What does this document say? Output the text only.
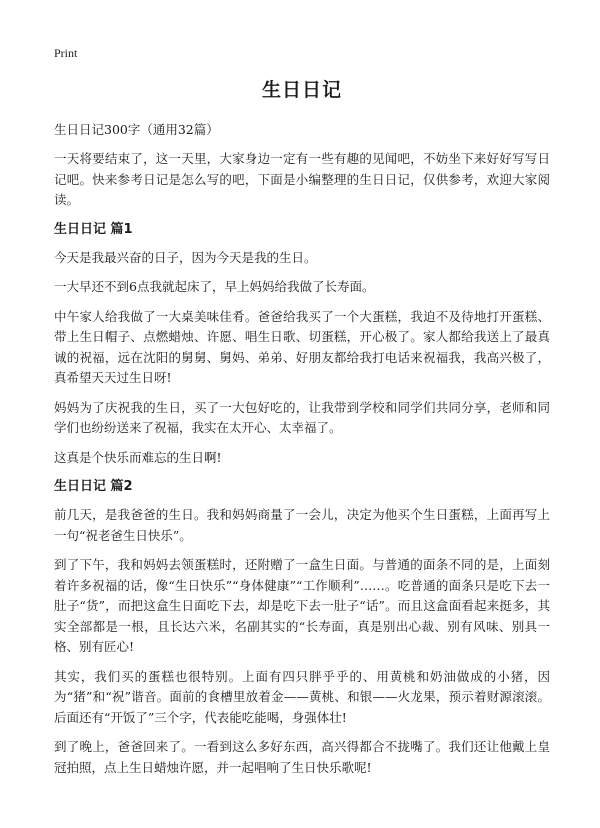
Print
生日日记
生日日记300字（通用32篇）

一天将要结束了，这一天里，大家身边一定有一些有趣的见闻吧，不妨坐下来好好写写日记吧。快来参考日记是怎么写的吧，下面是小编整理的生日日记，仅供参考，欢迎大家阅读。

生日日记 篇1

今天是我最兴奋的日子，因为今天是我的生日。

一大早还不到6点我就起床了，早上妈妈给我做了长寿面。

中午家人给我做了一大桌美味佳肴。爸爸给我买了一个大蛋糕，我迫不及待地打开蛋糕、带上生日帽子、点燃蜡烛、许愿、唱生日歌、切蛋糕，开心极了。家人都给我送上了最真诚的祝福，远在沈阳的舅舅、舅妈、弟弟、好朋友都给我打电话来祝福我，我高兴极了，真希望天天过生日呀!

妈妈为了庆祝我的生日，买了一大包好吃的，让我带到学校和同学们共同分享，老师和同学们也纷纷送来了祝福，我实在太开心、太幸福了。

这真是个快乐而难忘的生日啊!

生日日记 篇2

前几天，是我爸爸的生日。我和妈妈商量了一会儿，决定为他买个生日蛋糕，上面再写上一句“祝老爸生日快乐”。

到了下午，我和妈妈去领蛋糕时，还附赠了一盒生日面。与普通的面条不同的是，上面刻着许多祝福的话，像“生日快乐”“身体健康”“工作顺利”……。吃普通的面条只是吃下去一肚子“货”，而把这盒生日面吃下去，却是吃下去一肚子“话”。而且这盒面看起来挺多，其实全部都是一根，且长达六米，名副其实的“长寿面，真是别出心裁、别有风味、别具一格、别有匠心!

其实，我们买的蛋糕也很特别。上面有四只胖乎乎的、用黄桃和奶油做成的小猪，因为“猪”和“祝”谐音。面前的食槽里放着金——黄桃、和银——火龙果，预示着财源滚滚。后面还有“开饭了”三个字，代表能吃能喝，身强体壮!

到了晚上，爸爸回来了。一看到这么多好东西，高兴得都合不拢嘴了。我们还让他戴上皇冠拍照，点上生日蜡烛许愿，并一起唱响了生日快乐歌呢!
